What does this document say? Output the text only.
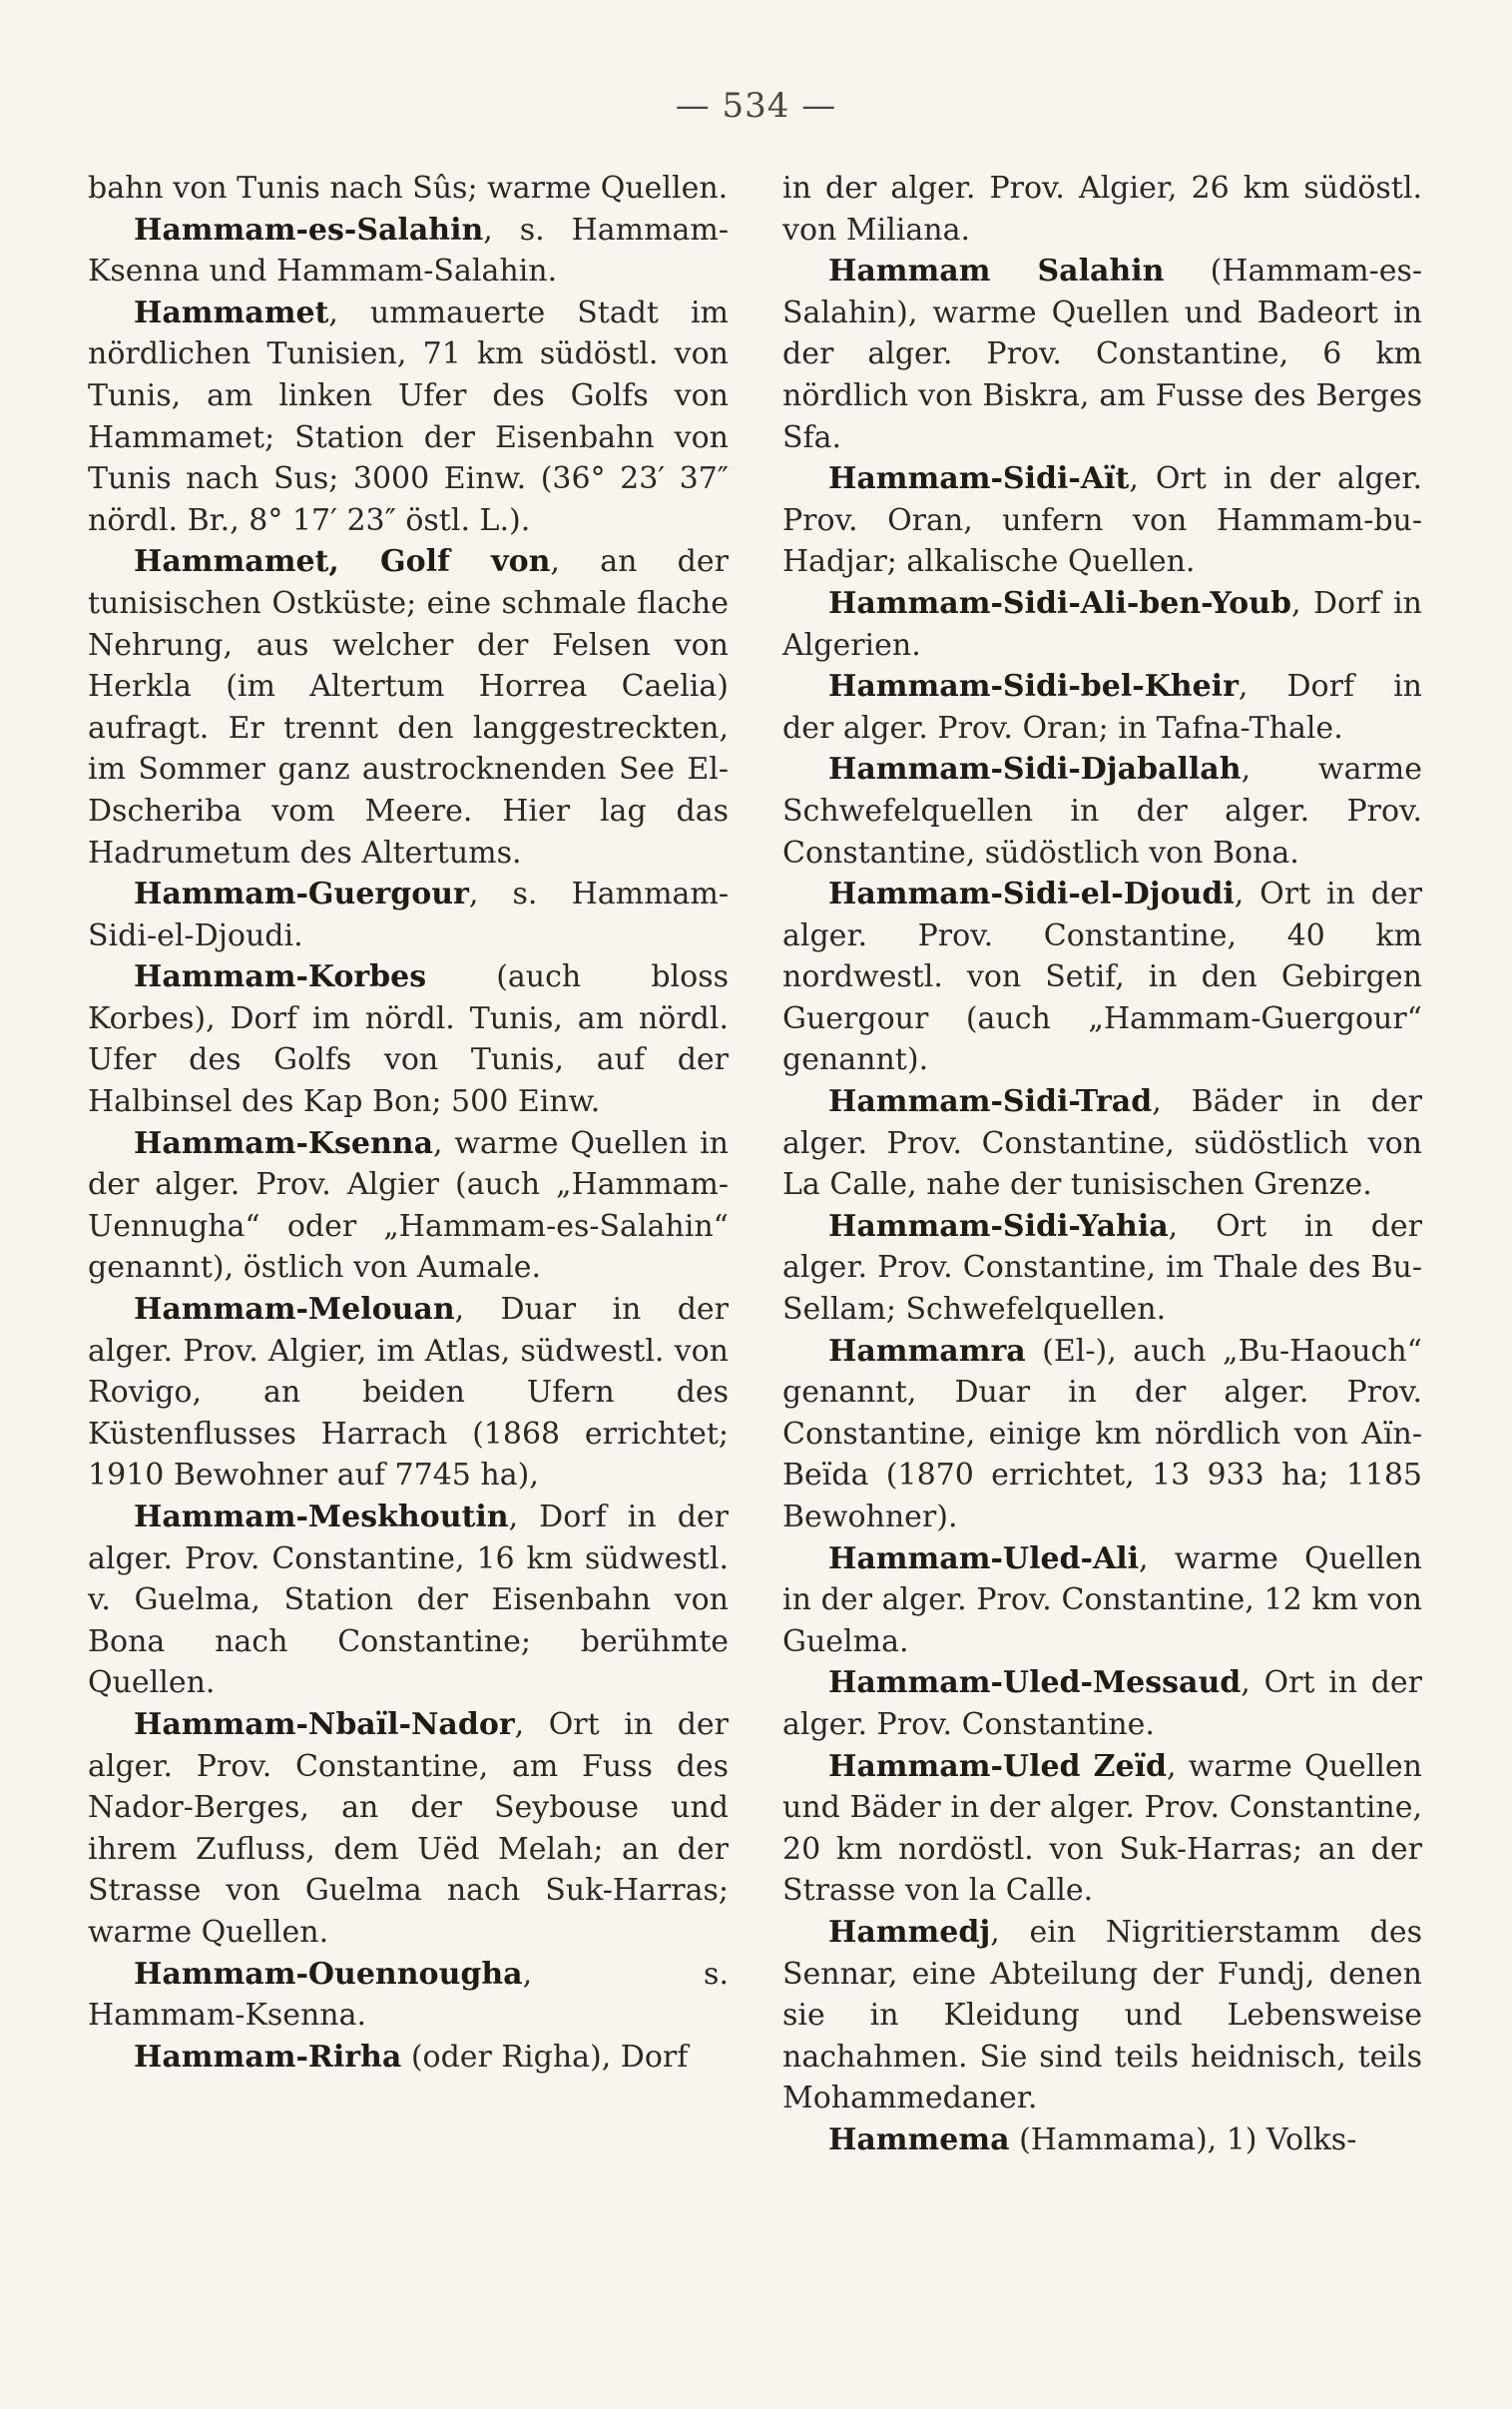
— 534 —

bahn von Tunis nach Sûs; warme Quellen.

Hammam-es-Salahin, s. Hammam-Ksenna und Hammam-Salahin.

Hammamet, ummauerte Stadt im nördlichen Tunisien, 71 km südöstl. von Tunis, am linken Ufer des Golfs von Hammamet; Station der Eisenbahn von Tunis nach Sus; 3000 Einw. (36° 23′ 37″ nördl. Br., 8° 17′ 23″ östl. L.).

Hammamet, Golf von, an der tunisischen Ostküste; eine schmale flache Nehrung, aus welcher der Felsen von Herkla (im Altertum Horrea Caelia) aufragt. Er trennt den langgestreckten, im Sommer ganz austrocknenden See El-Dscheriba vom Meere. Hier lag das Hadrumetum des Altertums.

Hammam-Guergour, s. Hammam-Sidi-el-Djoudi.

Hammam-Korbes (auch bloss Korbes), Dorf im nördl. Tunis, am nördl. Ufer des Golfs von Tunis, auf der Halbinsel des Kap Bon; 500 Einw.

Hammam-Ksenna, warme Quellen in der alger. Prov. Algier (auch „Hammam-Uennugha“ oder „Hammam-es-Salahin“ genannt), östlich von Aumale.

Hammam-Melouan, Duar in der alger. Prov. Algier, im Atlas, südwestl. von Rovigo, an beiden Ufern des Küstenflusses Harrach (1868 errichtet; 1910 Bewohner auf 7745 ha),

Hammam-Meskhoutin, Dorf in der alger. Prov. Constantine, 16 km südwestl. v. Guelma, Station der Eisenbahn von Bona nach Constantine; berühmte Quellen.

Hammam-Nbaïl-Nador, Ort in der alger. Prov. Constantine, am Fuss des Nador-Berges, an der Seybouse und ihrem Zufluss, dem Uëd Melah; an der Strasse von Guelma nach Suk-Harras; warme Quellen.

Hammam-Ouennougha, s. Hammam-Ksenna.

Hammam-Rirha (oder Righa), Dorf

in der alger. Prov. Algier, 26 km südöstl. von Miliana.

Hammam Salahin (Hammam-es-Salahin), warme Quellen und Badeort in der alger. Prov. Constantine, 6 km nördlich von Biskra, am Fusse des Berges Sfa.

Hammam-Sidi-Aït, Ort in der alger. Prov. Oran, unfern von Hammam-bu-Hadjar; alkalische Quellen.

Hammam-Sidi-Ali-ben-Youb, Dorf in Algerien.

Hammam-Sidi-bel-Kheir, Dorf in der alger. Prov. Oran; in Tafna-Thale.

Hammam-Sidi-Djaballah, warme Schwefelquellen in der alger. Prov. Constantine, südöstlich von Bona.

Hammam-Sidi-el-Djoudi, Ort in der alger. Prov. Constantine, 40 km nordwestl. von Setif, in den Gebirgen Guergour (auch „Hammam-Guergour“ genannt).

Hammam-Sidi-Trad, Bäder in der alger. Prov. Constantine, südöstlich von La Calle, nahe der tunisischen Grenze.

Hammam-Sidi-Yahia, Ort in der alger. Prov. Constantine, im Thale des Bu-Sellam; Schwefelquellen.

Hammamra (El-), auch „Bu-Haouch“ genannt, Duar in der alger. Prov. Constantine, einige km nördlich von Aïn-Beïda (1870 errichtet, 13 933 ha; 1185 Bewohner).

Hammam-Uled-Ali, warme Quellen in der alger. Prov. Constantine, 12 km von Guelma.

Hammam-Uled-Messaud, Ort in der alger. Prov. Constantine.

Hammam-Uled Zeïd, warme Quellen und Bäder in der alger. Prov. Constantine, 20 km nordöstl. von Suk-Harras; an der Strasse von la Calle.

Hammedj, ein Nigritierstamm des Sennar, eine Abteilung der Fundj, denen sie in Kleidung und Lebensweise nachahmen. Sie sind teils heidnisch, teils Mohammedaner.

Hammema (Hammama), 1) Volks-
